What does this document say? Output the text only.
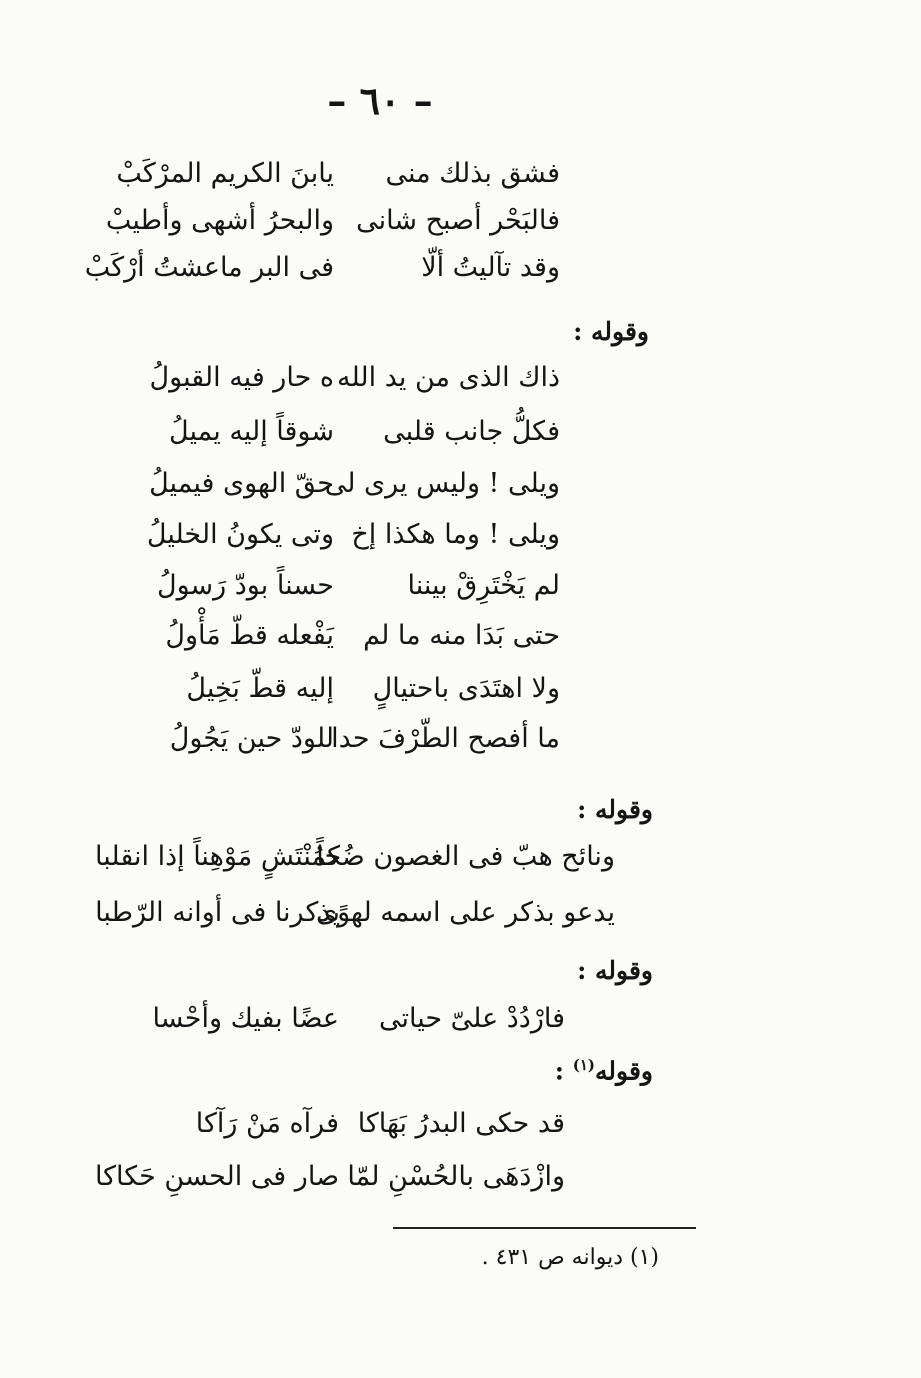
– ٦٠ –
فشق بذلك منى
يابنَ الكريم المرْكَبْ
فالبَحْر أصبح شانى
والبحرُ أشهى وأطيبْ
وقد تآليتُ ألّا
فى البر ماعشتُ أرْكَبْ
وقوله :
ذاك الذى من يد الله
ه حار فيه القبولُ
فكلُّ جانب قلبى
شوقاً إليه يميلُ
ويلى ! وليس يرى لى
حقّ الهوى فيميلُ
ويلى ! وما هكذا إخ
وتى يكونُ الخليلُ
لم يَخْتَرِقْ بيننا
حسناً بودّ رَسولُ
حتى بَدَا منه ما لم
يَفْعله قطّ مَأْولُ
ولا اهتَدَى باحتيالٍ
إليه قطّ بَخِيلُ
ما أفصح الطّرْفَ حدا
للودّ حين يَجُولُ
وقوله :
ونائح هبّ فى الغصون ضُحاً
كمُنْتَشٍ مَوْهِناً إذا انقلبا
يدعو بذكر على اسمه لهوًى
يذكرنا فى أوانه الرّطبا
وقوله :
فارْدُدْ علىّ حياتى
عضًا بفيك وأحْسا
وقوله$^{(١)}$ :
قد حكى البدرُ بَهَاكا
فرآه مَنْ رَآكا
وازْدَهَى بالحُسْنِ لمّا
صار فى الحسنِ حَكاكا
(١) ديوانه ص ٤٣١ .
